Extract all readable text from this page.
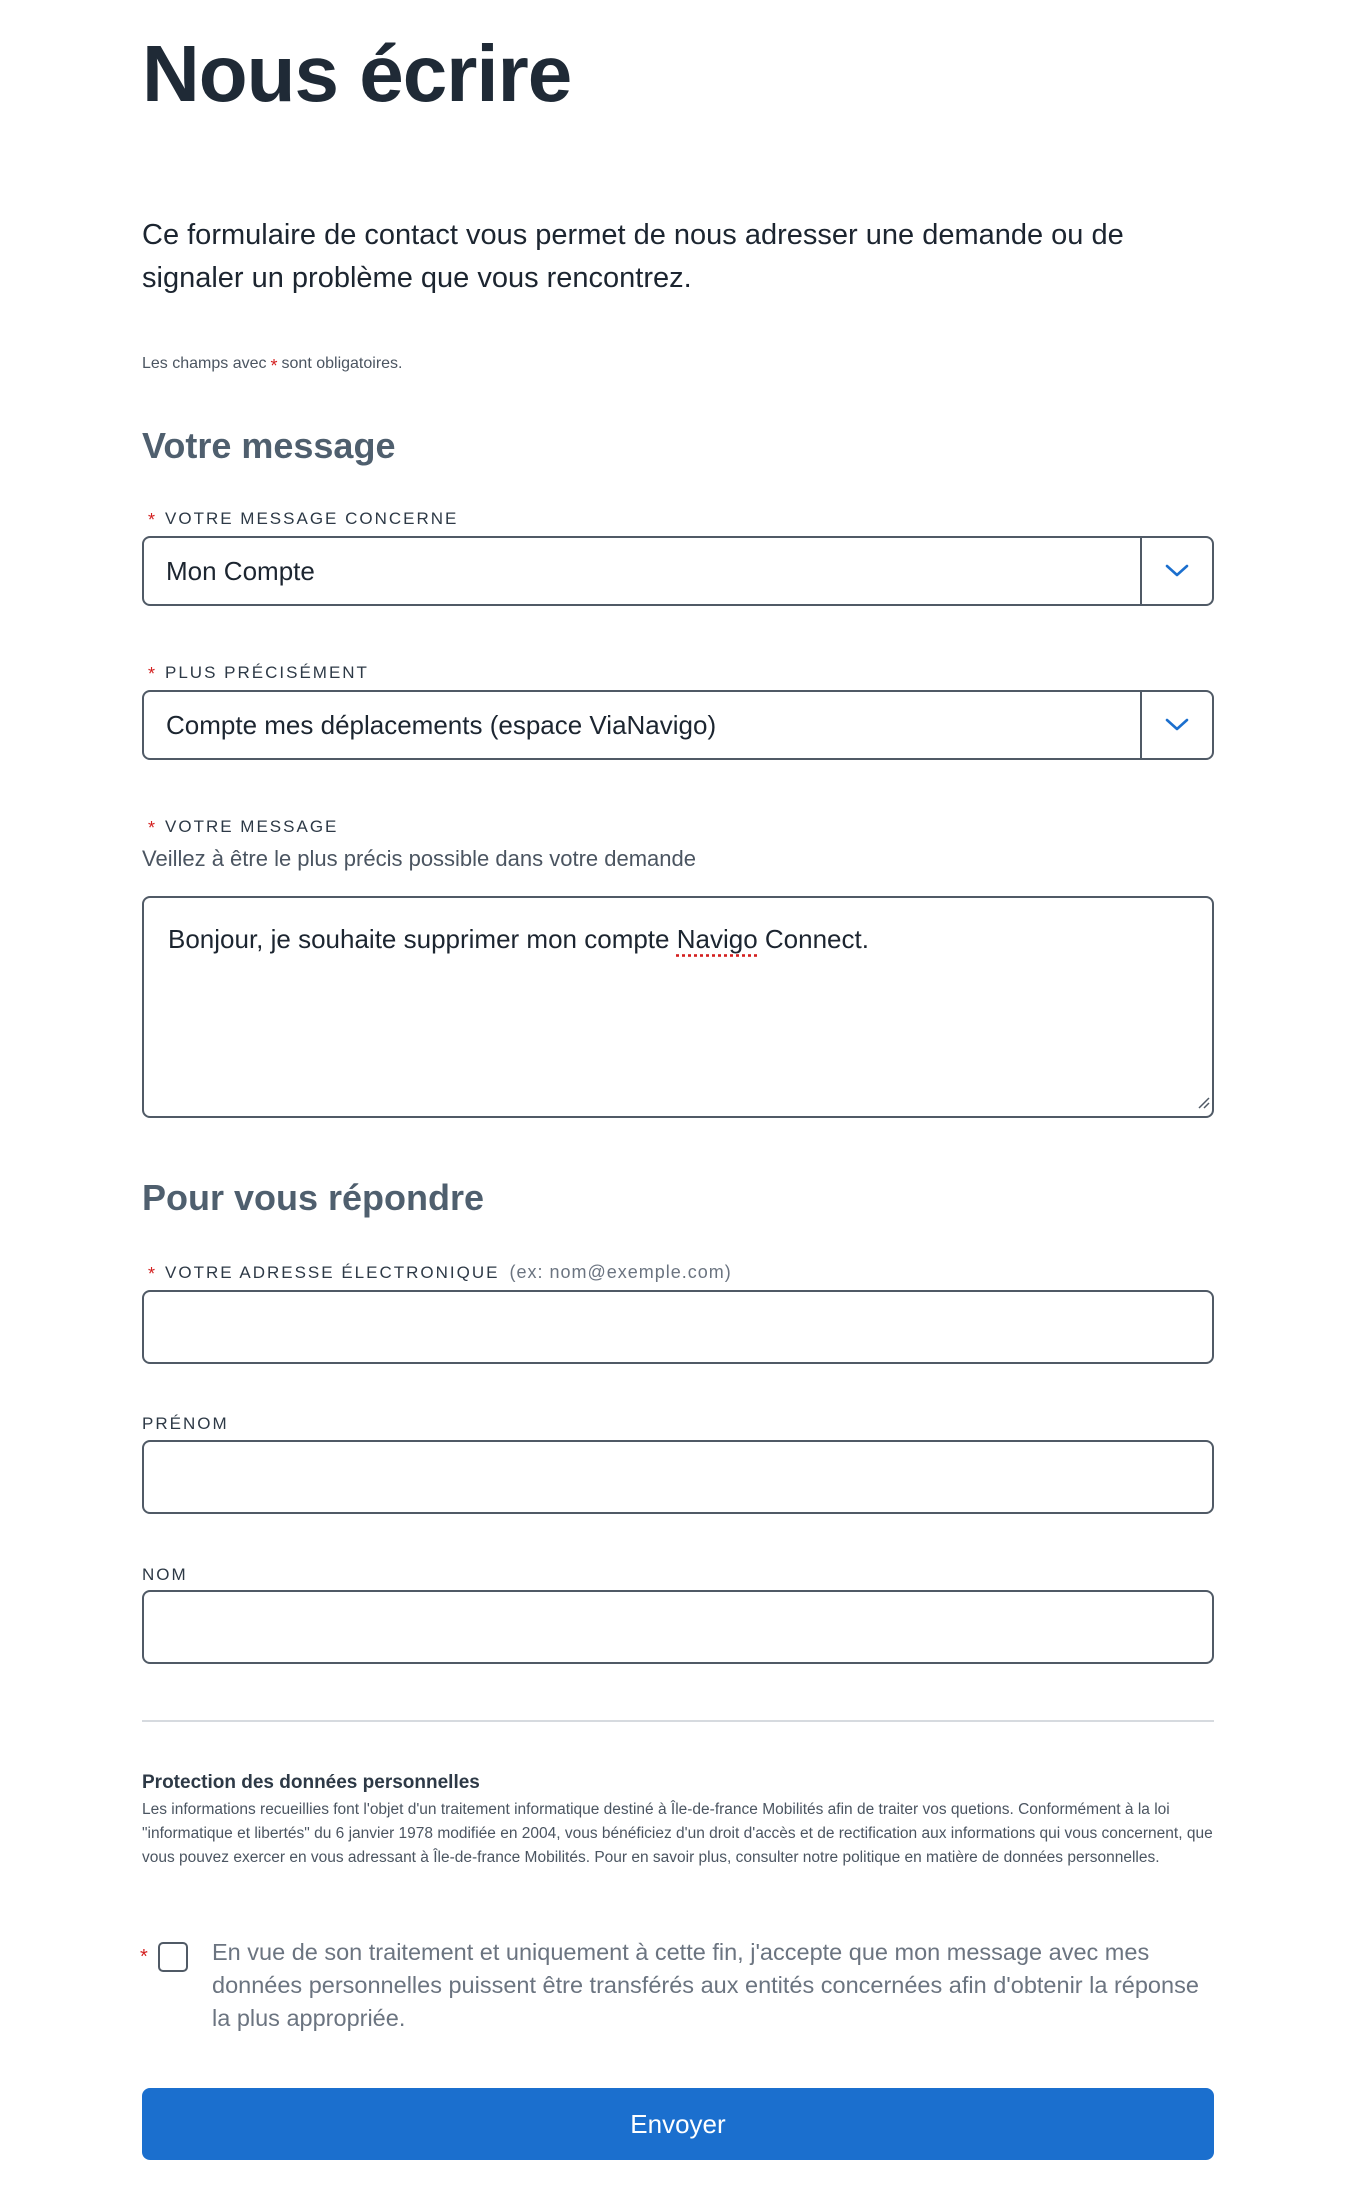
Nous écrire

Ce formulaire de contact vous permet de nous adresser une demande ou de signaler un problème que vous rencontrez.

Les champs avec * sont obligatoires.
Votre message
* VOTRE MESSAGE CONCERNE
Mon Compte
* PLUS PRÉCISÉMENT
Compte mes déplacements (espace ViaNavigo)
* VOTRE MESSAGE
Veillez à être le plus précis possible dans votre demande
Bonjour, je souhaite supprimer mon compte Navigo Connect.
Pour vous répondre
* VOTRE ADRESSE ÉLECTRONIQUE (ex: nom@exemple.com)
PRÉNOM
NOM
Protection des données personnelles

Les informations recueillies font l'objet d'un traitement informatique destiné à Île-de-france Mobilités afin de traiter vos quetions. Conformément à la loi "informatique et libertés" du 6 janvier 1978 modifiée en 2004, vous bénéficiez d'un droit d'accès et de rectification aux informations qui vous concernent, que vous pouvez exercer en vous adressant à Île-de-france Mobilités. Pour en savoir plus, consulter notre politique en matière de données personnelles.

*	En vue de son traitement et uniquement à cette fin, j'accepte que mon message avec mes données personnelles puissent être transférés aux entités concernées afin d'obtenir la réponse la plus appropriée.

Envoyer
